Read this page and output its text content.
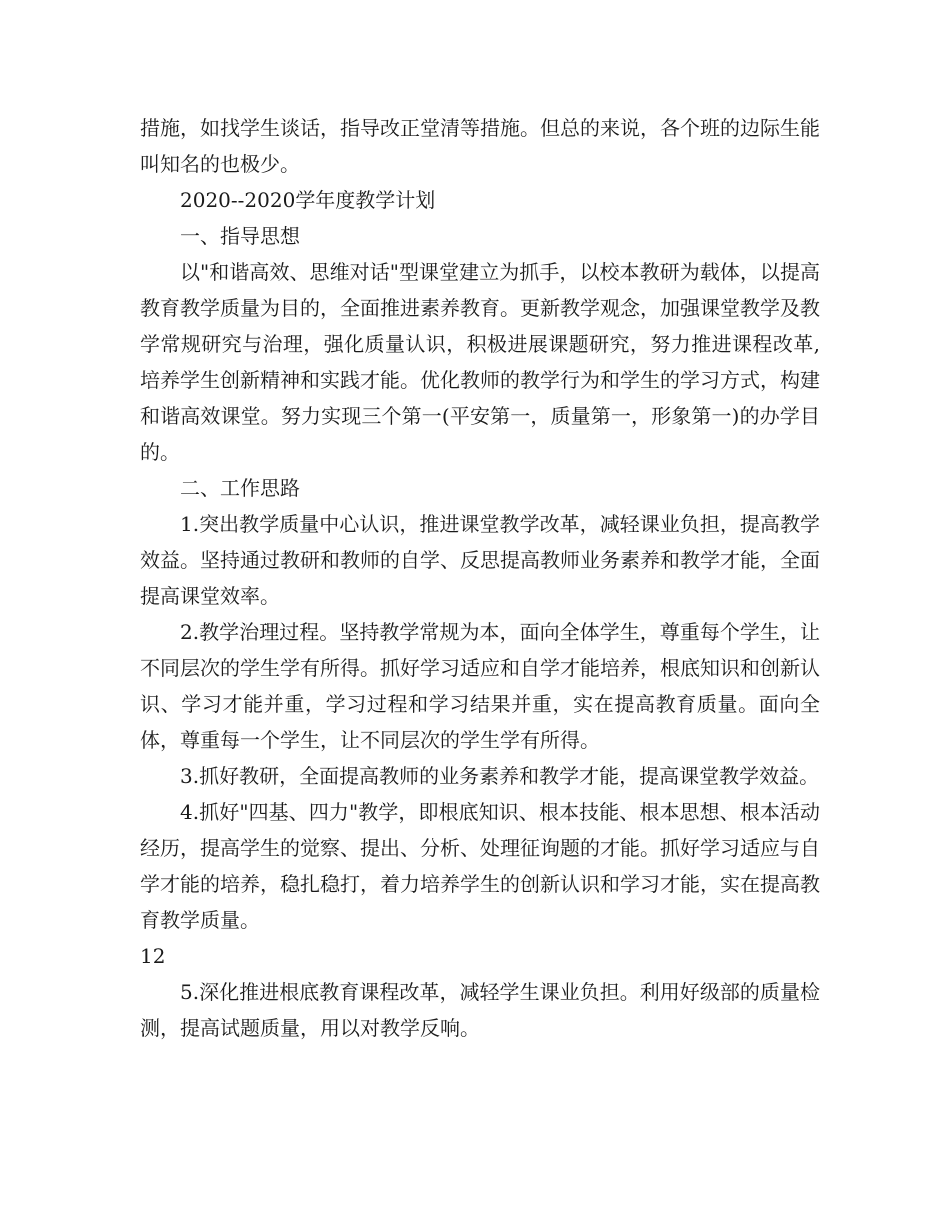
措施，如找学生谈话，指导改正堂清等措施。但总的来说，各个班的边际生能叫知名的也极少。

2020--2020学年度教学计划

一、指导思想

以"和谐高效、思维对话"型课堂建立为抓手，以校本教研为载体，以提高教育教学质量为目的，全面推进素养教育。更新教学观念，加强课堂教学及教学常规研究与治理，强化质量认识，积极进展课题研究，努力推进课程改革,培养学生创新精神和实践才能。优化教师的教学行为和学生的学习方式，构建和谐高效课堂。努力实现三个第一(平安第一，质量第一，形象第一)的办学目的。

二、工作思路

1.突出教学质量中心认识，推进课堂教学改革，减轻课业负担，提高教学效益。坚持通过教研和教师的自学、反思提高教师业务素养和教学才能，全面提高课堂效率。

2.教学治理过程。坚持教学常规为本，面向全体学生，尊重每个学生，让不同层次的学生学有所得。抓好学习适应和自学才能培养，根底知识和创新认识、学习才能并重，学习过程和学习结果并重，实在提高教育质量。面向全体，尊重每一个学生，让不同层次的学生学有所得。

3.抓好教研，全面提高教师的业务素养和教学才能，提高课堂教学效益。

4.抓好"四基、四力"教学，即根底知识、根本技能、根本思想、根本活动经历，提高学生的觉察、提出、分析、处理征询题的才能。抓好学习适应与自学才能的培养，稳扎稳打，着力培养学生的创新认识和学习才能，实在提高教育教学质量。

12

5.深化推进根底教育课程改革，减轻学生课业负担。利用好级部的质量检测，提高试题质量，用以对教学反响。
